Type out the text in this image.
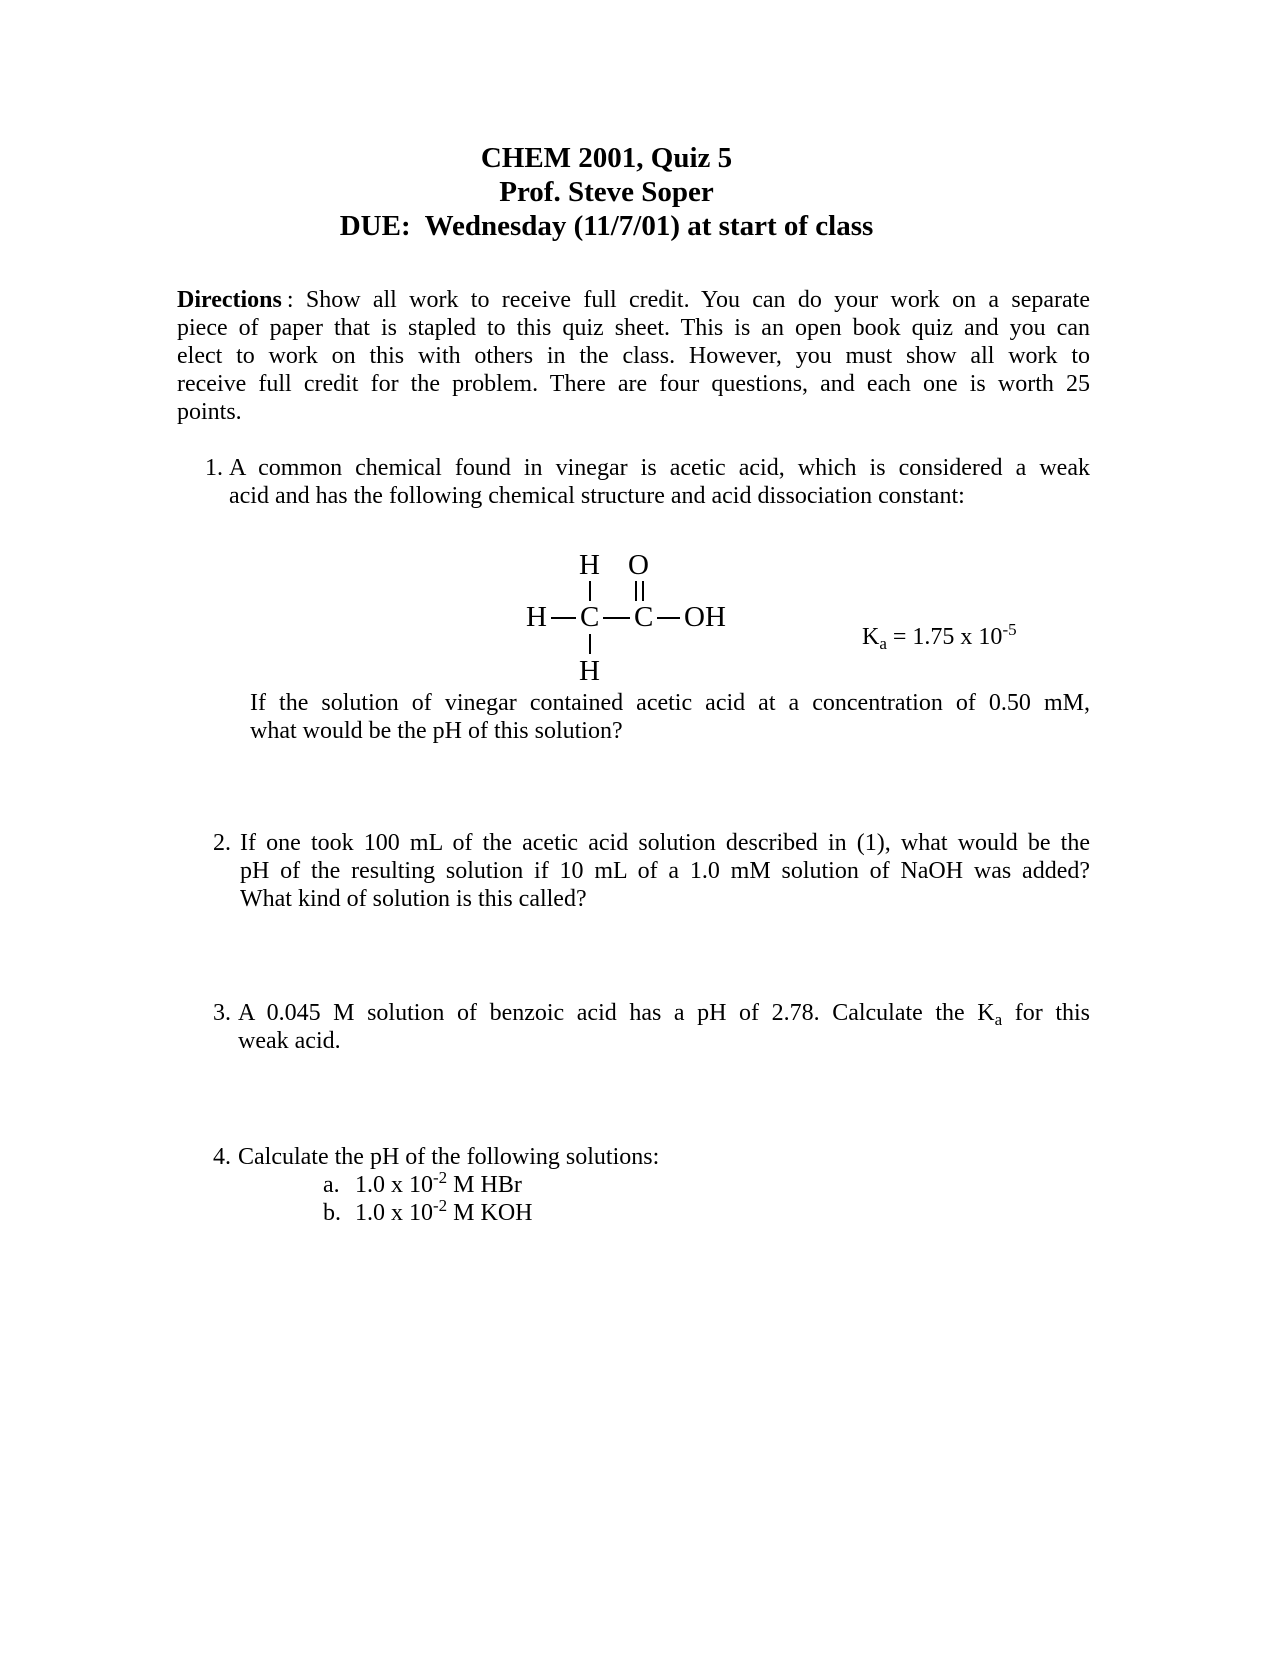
CHEM 2001, Quiz 5
Prof. Steve Soper
DUE:  Wednesday (11/7/01) at start of class
Directions : Show all work to receive full credit. You can do your work on a separate
piece of paper that is stapled to this quiz sheet. This is an open book quiz and you can
elect to work on this with others in the class. However, you must show all work to
receive full credit for the problem. There are four questions, and each one is worth 25
points.
1. A common chemical found in vinegar is acetic acid, which is considered a weak
acid and has the following chemical structure and acid dissociation constant:
H O
H C C OH
H
$K_a = 1.75$ x $10^{-5}$
If the solution of vinegar contained acetic acid at a concentration of 0.50 mM,
what would be the pH of this solution?
2. If one took 100 mL of the acetic acid solution described in (1), what would be the
pH of the resulting solution if 10 mL of a 1.0 mM solution of NaOH was added?
What kind of solution is this called?
3. A 0.045 M solution of benzoic acid has a pH of 2.78. Calculate the $K_a$ for this
weak acid.
4. Calculate the pH of the following solutions:
a. 1.0 x $10^{-2}$ M HBr
b. 1.0 x $10^{-2}$ M KOH
